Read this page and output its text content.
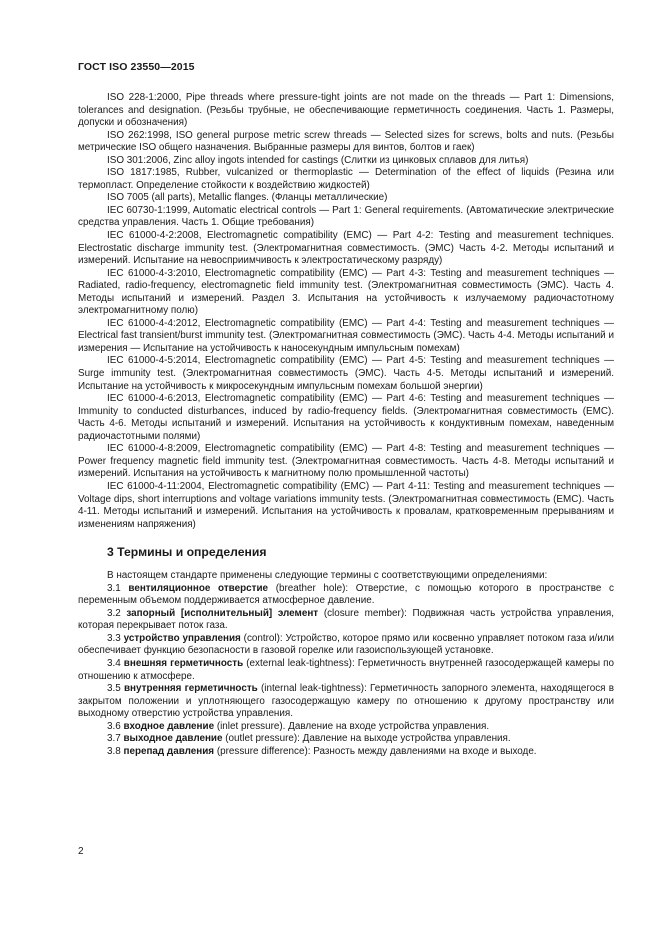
ГОСТ ISO 23550—2015

ISO 228-1:2000, Pipe threads where pressure-tight joints are not made on the threads — Part 1: Dimensions, tolerances and designation. (Резьбы трубные, не обеспечивающие герметичность соединения. Часть 1. Размеры, допуски и обозначения)

ISO 262:1998, ISO general purpose metric screw threads — Selected sizes for screws, bolts and nuts. (Резьбы метрические ISO общего назначения. Выбранные размеры для винтов, болтов и гаек)

ISO 301:2006, Zinc alloy ingots intended for castings (Слитки из цинковых сплавов для литья)

ISO 1817:1985, Rubber, vulcanized or thermoplastic — Determination of the effect of liquids (Резина или термопласт. Определение стойкости к воздействию жидкостей)

ISO 7005 (all parts), Metallic flanges. (Фланцы металлические)

IEC 60730-1:1999, Automatic electrical controls — Part 1: General requirements. (Автоматические электрические средства управления. Часть 1. Общие требования)

IEC 61000-4-2:2008, Electromagnetic compatibility (EMC) — Part 4-2: Testing and measurement techniques. Electrostatic discharge immunity test. (Электромагнитная совместимость. (ЭМС) Часть 4-2. Методы испытаний и измерений. Испытание на невосприимчивость к электростатическому разряду)

IEC 61000-4-3:2010, Electromagnetic compatibility (EMC) — Part 4-3: Testing and measurement techniques — Radiated, radio-frequency, electromagnetic field immunity test. (Электромагнитная совместимость (ЭМС). Часть 4. Методы испытаний и измерений. Раздел 3. Испытания на устойчивость к излучаемому радиочастотному электромагнитному полю)

IEC 61000-4-4:2012, Electromagnetic compatibility (EMC) — Part 4-4: Testing and measurement techniques — Electrical fast transient/burst immunity test. (Электромагнитная совместимость (ЭМС). Часть 4-4. Методы испытаний и измерения — Испытание на устойчивость к наносекундным импульсным помехам)

IEC 61000-4-5:2014, Electromagnetic compatibility (EMC) — Part 4-5: Testing and measurement techniques — Surge immunity test. (Электромагнитная совместимость (ЭМС). Часть 4-5. Методы испытаний и измерений. Испытание на устойчивость к микросекундным импульсным помехам большой энергии)

IEC 61000-4-6:2013, Electromagnetic compatibility (EMC) — Part 4-6: Testing and measurement techniques — Immunity to conducted disturbances, induced by radio-frequency fields. (Электромагнитная совместимость (ЕМС). Часть 4-6. Методы испытаний и измерений. Испытания на устойчивость к кондуктивным помехам, наведенным радиочастотными полями)

IEC 61000-4-8:2009, Electromagnetic compatibility (EMC) — Part 4-8: Testing and measurement techniques — Power frequency magnetic field immunity test. (Электромагнитная совместимость. Часть 4-8. Методы испытаний и измерений. Испытания на устойчивость к магнитному полю промышленной частоты)

IEC 61000-4-11:2004, Electromagnetic compatibility (EMC) — Part 4-11: Testing and measurement techniques — Voltage dips, short interruptions and voltage variations immunity tests. (Электромагнитная совместимость (ЕМС). Часть 4-11. Методы испытаний и измерений. Испытания на устойчивость к провалам, кратковременным прерываниям и изменениям напряжения)

3 Термины и определения

В настоящем стандарте применены следующие термины с соответствующими определениями:

3.1 вентиляционное отверстие (breather hole): Отверстие, с помощью которого в пространстве с переменным объемом поддерживается атмосферное давление.

3.2 запорный [исполнительный] элемент (closure member): Подвижная часть устройства управления, которая перекрывает поток газа.

3.3 устройство управления (control): Устройство, которое прямо или косвенно управляет потоком газа и/или обеспечивает функцию безопасности в газовой горелке или газоиспользующей установке.

3.4 внешняя герметичность (external leak-tightness): Герметичность внутренней газосодержащей камеры по отношению к атмосфере.

3.5 внутренняя герметичность (internal leak-tightness): Герметичность запорного элемента, находящегося в закрытом положении и уплотняющего газосодержащую камеру по отношению к другому пространству или выходному отверстию устройства управления.

3.6 входное давление (inlet pressure). Давление на входе устройства управления.

3.7 выходное давление (outlet pressure): Давление на выходе устройства управления.

3.8 перепад давления (pressure difference): Разность между давлениями на входе и выходе.

2
